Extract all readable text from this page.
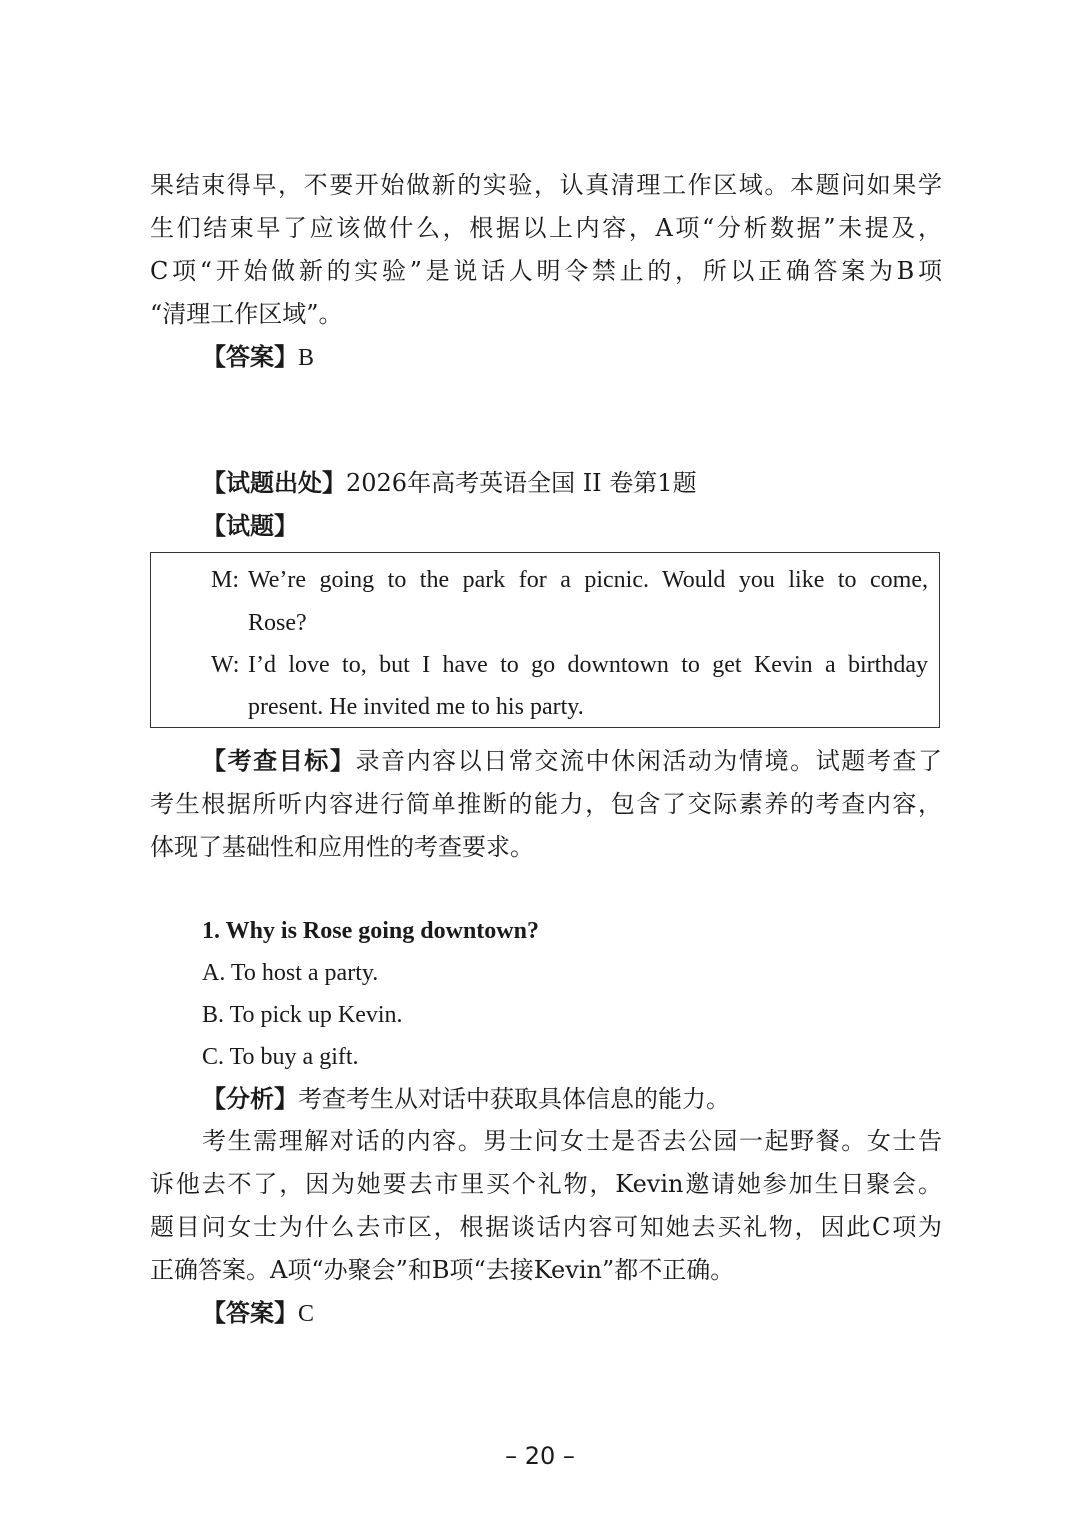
果结束得早，不要开始做新的实验，认真清理工作区域。本题问如果学
生们结束早了应该做什么，根据以上内容，A项“分析数据”未提及，
C项“开始做新的实验”是说话人明令禁止的，所以正确答案为B项
“清理工作区域”。
【答案】B
【试题出处】2026年高考英语全国 II 卷第1题
【试题】
M: We’re going to the park for a picnic. Would you like to come,
Rose?
W: I’d love to, but I have to go downtown to get Kevin a birthday
present. He invited me to his party.
【考查目标】录音内容以日常交流中休闲活动为情境。试题考查了
考生根据所听内容进行简单推断的能力，包含了交际素养的考查内容，
体现了基础性和应用性的考查要求。
1. Why is Rose going downtown?
A. To host a party.
B. To pick up Kevin.
C. To buy a gift.
【分析】考查考生从对话中获取具体信息的能力。
考生需理解对话的内容。男士问女士是否去公园一起野餐。女士告
诉他去不了，因为她要去市里买个礼物，Kevin邀请她参加生日聚会。
题目问女士为什么去市区，根据谈话内容可知她去买礼物，因此C项为
正确答案。A项“办聚会”和B项“去接Kevin”都不正确。
【答案】C
– 20 –
